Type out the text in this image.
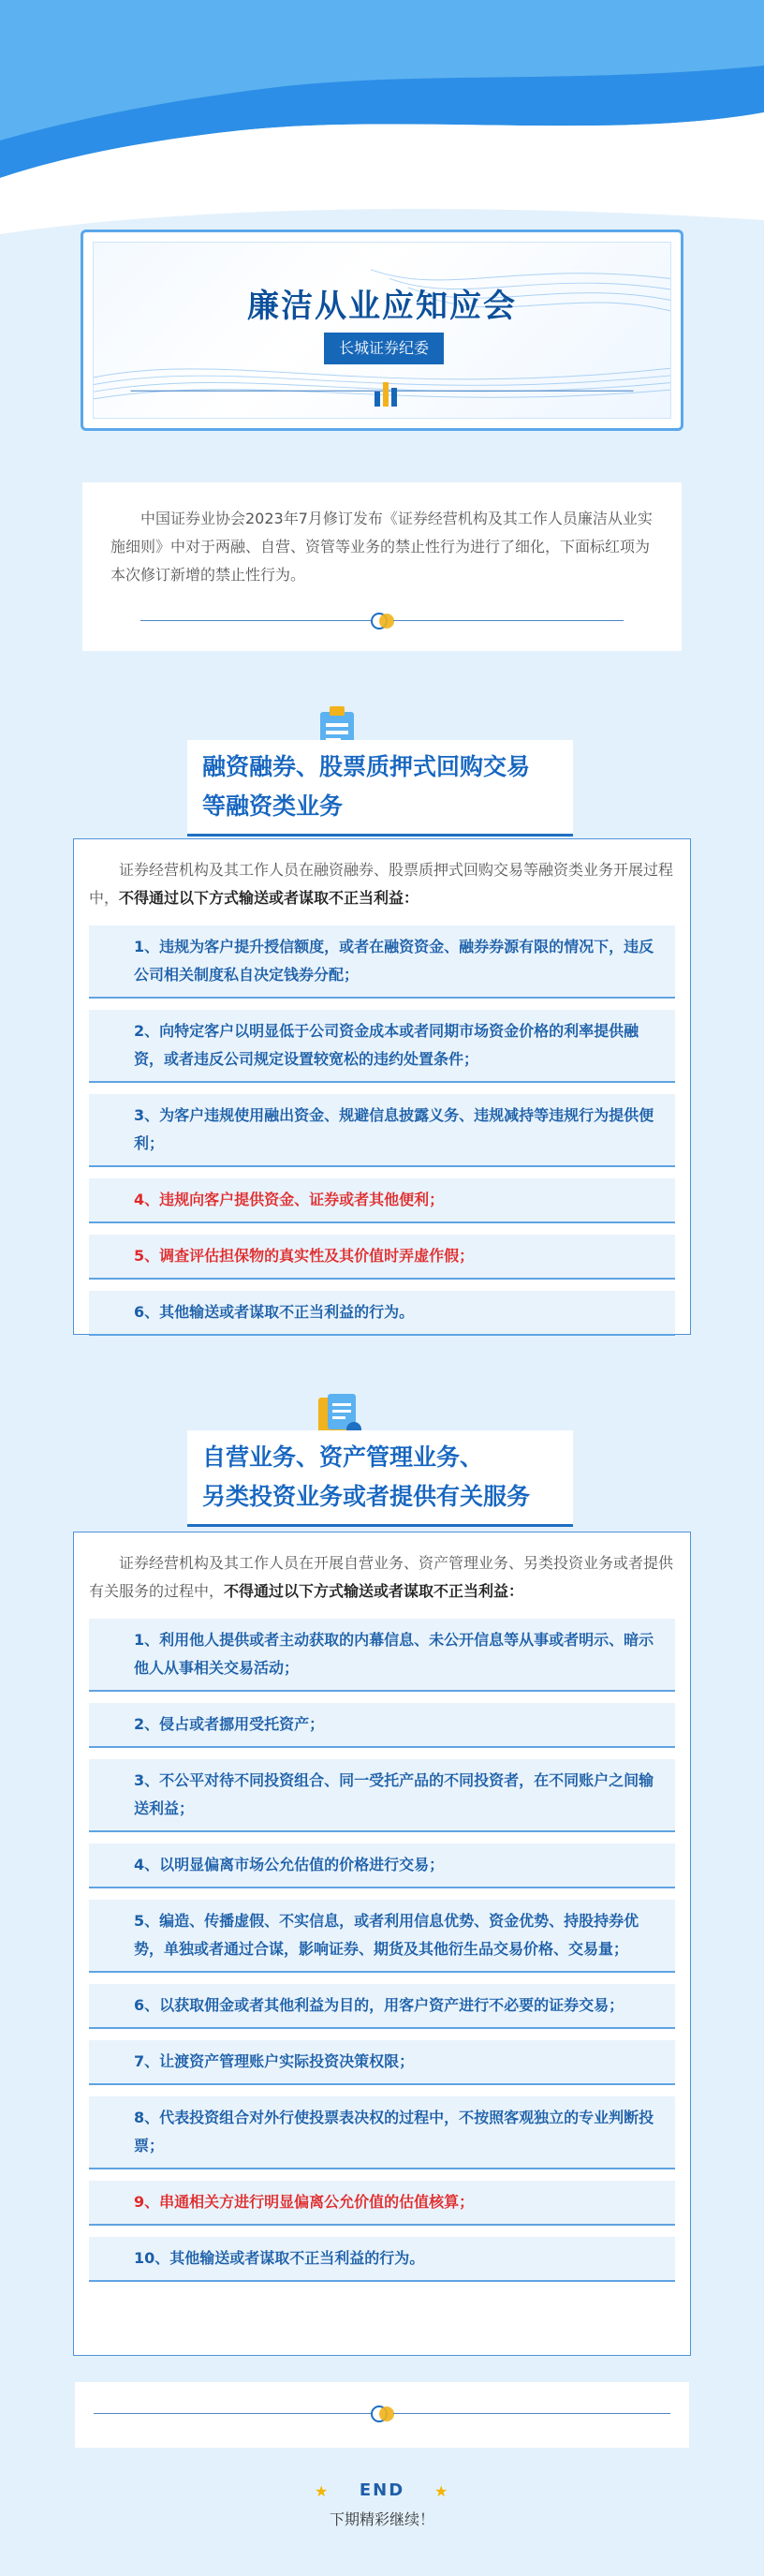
廉洁从业应知应会
长城证券纪委
中国证券业协会2023年7月修订发布《证券经营机构及其工作人员廉洁从业实施细则》中对于两融、自营、资管等业务的禁止性行为进行了细化，下面标红项为本次修订新增的禁止性行为。
融资融券、股票质押式回购交易
等融资类业务
证券经营机构及其工作人员在融资融券、股票质押式回购交易等融资类业务开展过程中，不得通过以下方式输送或者谋取不正当利益：
1、违规为客户提升授信额度，或者在融资资金、融券券源有限的情况下，违反公司相关制度私自决定钱券分配；
2、向特定客户以明显低于公司资金成本或者同期市场资金价格的利率提供融资，或者违反公司规定设置较宽松的违约处置条件；
3、为客户违规使用融出资金、规避信息披露义务、违规减持等违规行为提供便利；
4、违规向客户提供资金、证券或者其他便利；
5、调查评估担保物的真实性及其价值时弄虚作假；
6、其他输送或者谋取不正当利益的行为。
自营业务、资产管理业务、
另类投资业务或者提供有关服务
证券经营机构及其工作人员在开展自营业务、资产管理业务、另类投资业务或者提供有关服务的过程中，不得通过以下方式输送或者谋取不正当利益：
1、利用他人提供或者主动获取的内幕信息、未公开信息等从事或者明示、暗示他人从事相关交易活动；
2、侵占或者挪用受托资产；
3、不公平对待不同投资组合、同一受托产品的不同投资者，在不同账户之间输送利益；
4、以明显偏离市场公允估值的价格进行交易；
5、编造、传播虚假、不实信息，或者利用信息优势、资金优势、持股持券优势，单独或者通过合谋，影响证券、期货及其他衍生品交易价格、交易量；
6、以获取佣金或者其他利益为目的，用客户资产进行不必要的证券交易；
7、让渡资产管理账户实际投资决策权限；
8、代表投资组合对外行使投票表决权的过程中，不按照客观独立的专业判断投票；
9、串通相关方进行明显偏离公允价值的估值核算；
10、其他输送或者谋取不正当利益的行为。
★	END	★
下期精彩继续！
